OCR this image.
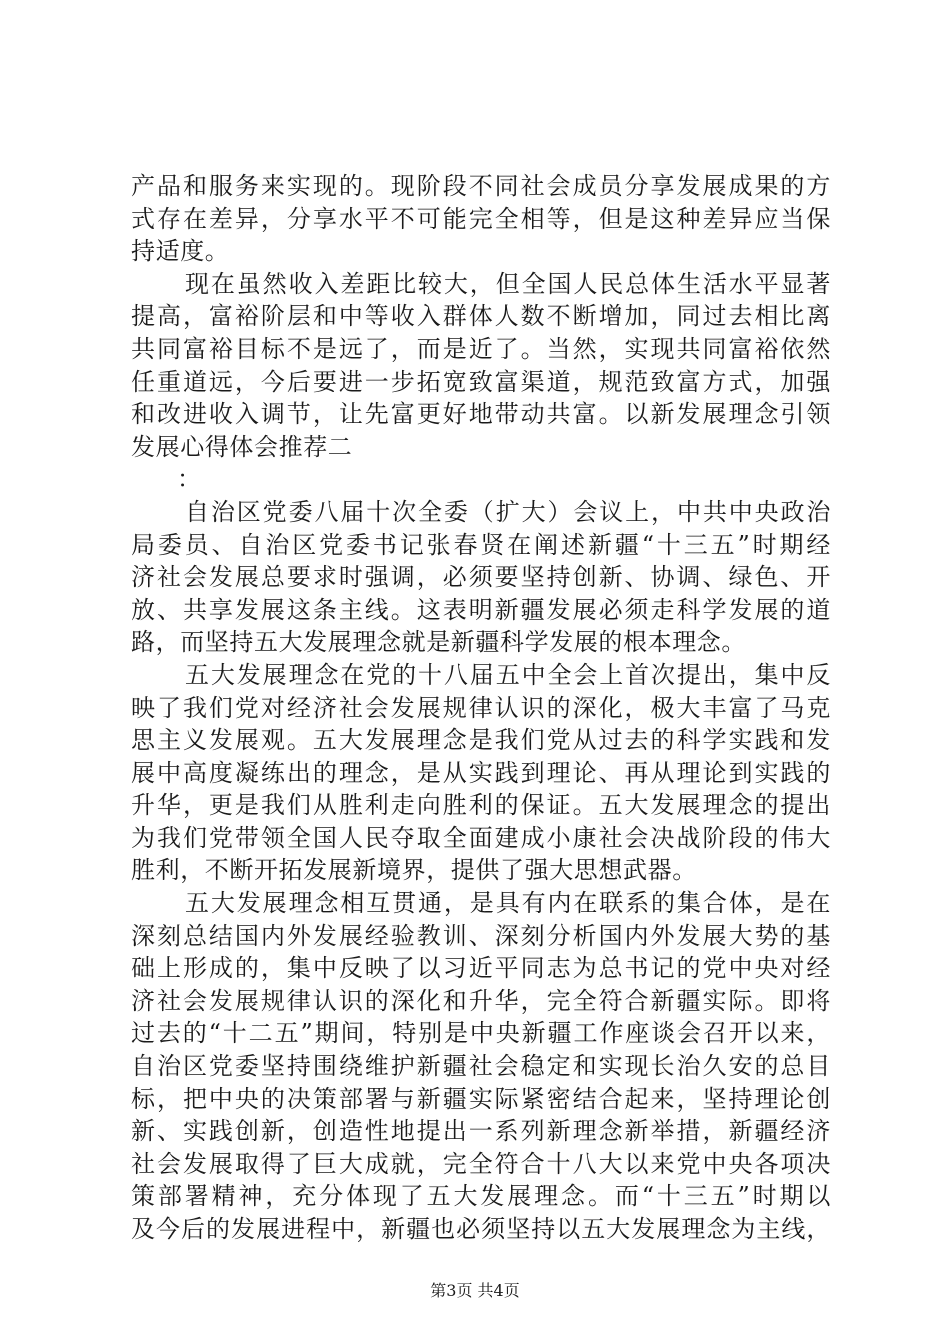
产品和服务来实现的。现阶段不同社会成员分享发展成果的方
式存在差异，分享水平不可能完全相等，但是这种差异应当保
持适度。
现在虽然收入差距比较大，但全国人民总体生活水平显著
提高，富裕阶层和中等收入群体人数不断增加，同过去相比离
共同富裕目标不是远了，而是近了。当然，实现共同富裕依然
任重道远，今后要进一步拓宽致富渠道，规范致富方式，加强
和改进收入调节，让先富更好地带动共富。以新发展理念引领
发展心得体会推荐二
：
自治区党委八届十次全委（扩大）会议上，中共中央政治
局委员、自治区党委书记张春贤在阐述新疆“十三五”时期经
济社会发展总要求时强调，必须要坚持创新、协调、绿色、开
放、共享发展这条主线。这表明新疆发展必须走科学发展的道
路，而坚持五大发展理念就是新疆科学发展的根本理念。
五大发展理念在党的十八届五中全会上首次提出，集中反
映了我们党对经济社会发展规律认识的深化，极大丰富了马克
思主义发展观。五大发展理念是我们党从过去的科学实践和发
展中高度凝练出的理念，是从实践到理论、再从理论到实践的
升华，更是我们从胜利走向胜利的保证。五大发展理念的提出
为我们党带领全国人民夺取全面建成小康社会决战阶段的伟大
胜利，不断开拓发展新境界，提供了强大思想武器。
五大发展理念相互贯通，是具有内在联系的集合体，是在
深刻总结国内外发展经验教训、深刻分析国内外发展大势的基
础上形成的，集中反映了以习近平同志为总书记的党中央对经
济社会发展规律认识的深化和升华，完全符合新疆实际。即将
过去的“十二五”期间，特别是中央新疆工作座谈会召开以来，
自治区党委坚持围绕维护新疆社会稳定和实现长治久安的总目
标，把中央的决策部署与新疆实际紧密结合起来，坚持理论创
新、实践创新，创造性地提出一系列新理念新举措，新疆经济
社会发展取得了巨大成就，完全符合十八大以来党中央各项决
策部署精神，充分体现了五大发展理念。而“十三五”时期以
及今后的发展进程中，新疆也必须坚持以五大发展理念为主线，
第3页 共4页
